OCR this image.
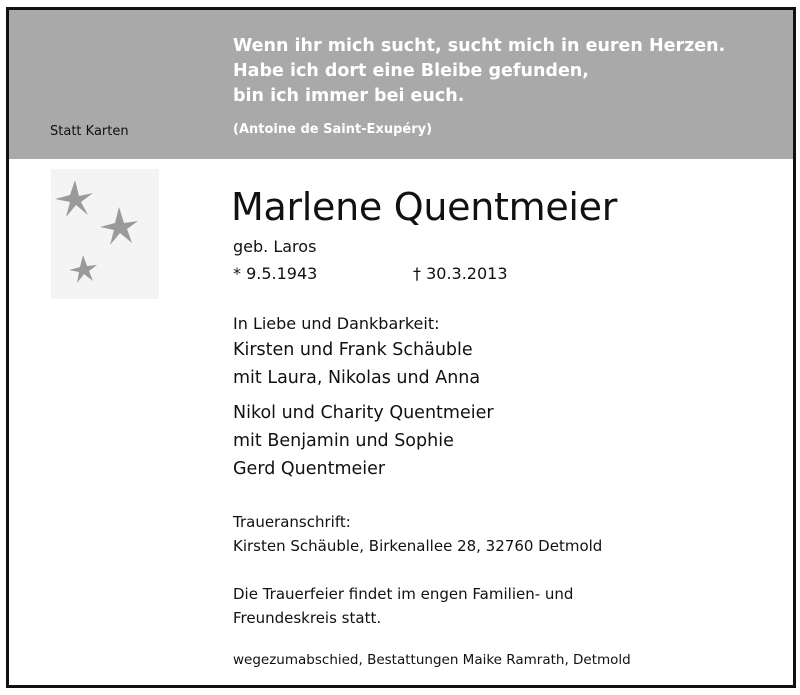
Wenn ihr mich sucht, sucht mich in euren Herzen.
Habe ich dort eine Bleibe gefunden,
bin ich immer bei euch.

(Antoine de Saint-Exupéry)
Statt Karten
Marlene Quentmeier
geb. Laros
* 9.5.1943	† 30.3.2013
In Liebe und Dankbarkeit:
Kirsten und Frank Schäuble
mit Laura, Nikolas und Anna
Nikol und Charity Quentmeier
mit Benjamin und Sophie
Gerd Quentmeier
Traueranschrift:
Kirsten Schäuble, Birkenallee 28, 32760 Detmold
Die Trauerfeier findet im engen Familien- und
Freundeskreis statt.
wegezumabschied, Bestattungen Maike Ramrath, Detmold
